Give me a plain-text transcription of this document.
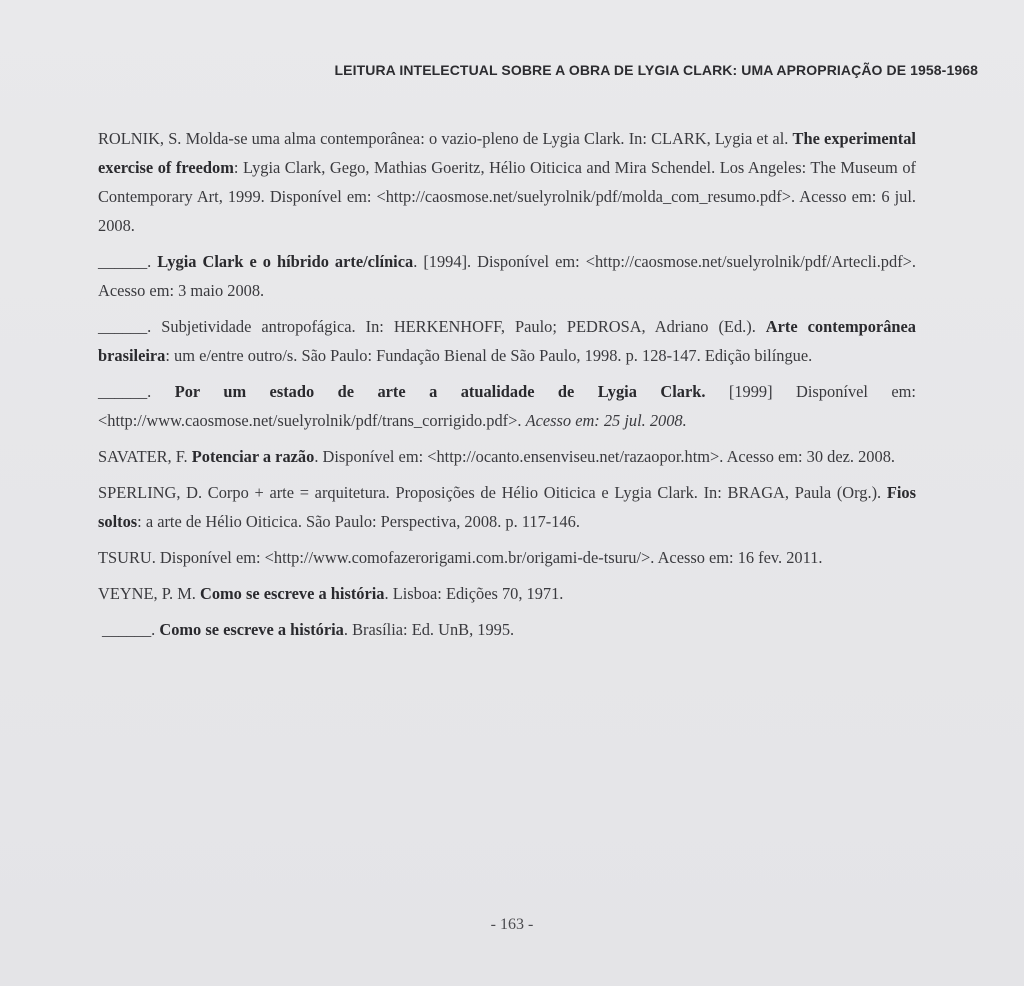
LEITURA INTELECTUAL SOBRE A OBRA DE LYGIA CLARK: UMA APROPRIAÇÃO DE 1958-1968

ROLNIK, S. Molda-se uma alma contemporânea: o vazio-pleno de Lygia Clark. In: CLARK, Lygia et al. The experimental exercise of freedom: Lygia Clark, Gego, Mathias Goeritz, Hélio Oiticica and Mira Schendel. Los Angeles: The Museum of Contemporary Art, 1999. Disponível em: <http://caosmose.net/suelyrolnik/pdf/molda_com_resumo.pdf>. Acesso em: 6 jul. 2008.

______. Lygia Clark e o híbrido arte/clínica. [1994]. Disponível em: <http://caosmose.net/suelyrolnik/pdf/Artecli.pdf>. Acesso em: 3 maio 2008.

______. Subjetividade antropofágica. In: HERKENHOFF, Paulo; PEDROSA, Adriano (Ed.). Arte contemporânea brasileira: um e/entre outro/s. São Paulo: Fundação Bienal de São Paulo, 1998. p. 128-147. Edição bilíngue.

______. Por um estado de arte a atualidade de Lygia Clark. [1999] Disponível em: <http://www.caosmose.net/suelyrolnik/pdf/trans_corrigido.pdf>. Acesso em: 25 jul. 2008.

SAVATER, F. Potenciar a razão. Disponível em: <http://ocanto.ensenviseu.net/razaopor.htm>. Acesso em: 30 dez. 2008.

SPERLING, D. Corpo + arte = arquitetura. Proposições de Hélio Oiticica e Lygia Clark. In: BRAGA, Paula (Org.). Fios soltos: a arte de Hélio Oiticica. São Paulo: Perspectiva, 2008. p. 117-146.

TSURU. Disponível em: <http://www.comofazerorigami.com.br/origami-de-tsuru/>. Acesso em: 16 fev. 2011.

VEYNE, P. M. Como se escreve a história. Lisboa: Edições 70, 1971.

______. Como se escreve a história. Brasília: Ed. UnB, 1995.

- 163 -
